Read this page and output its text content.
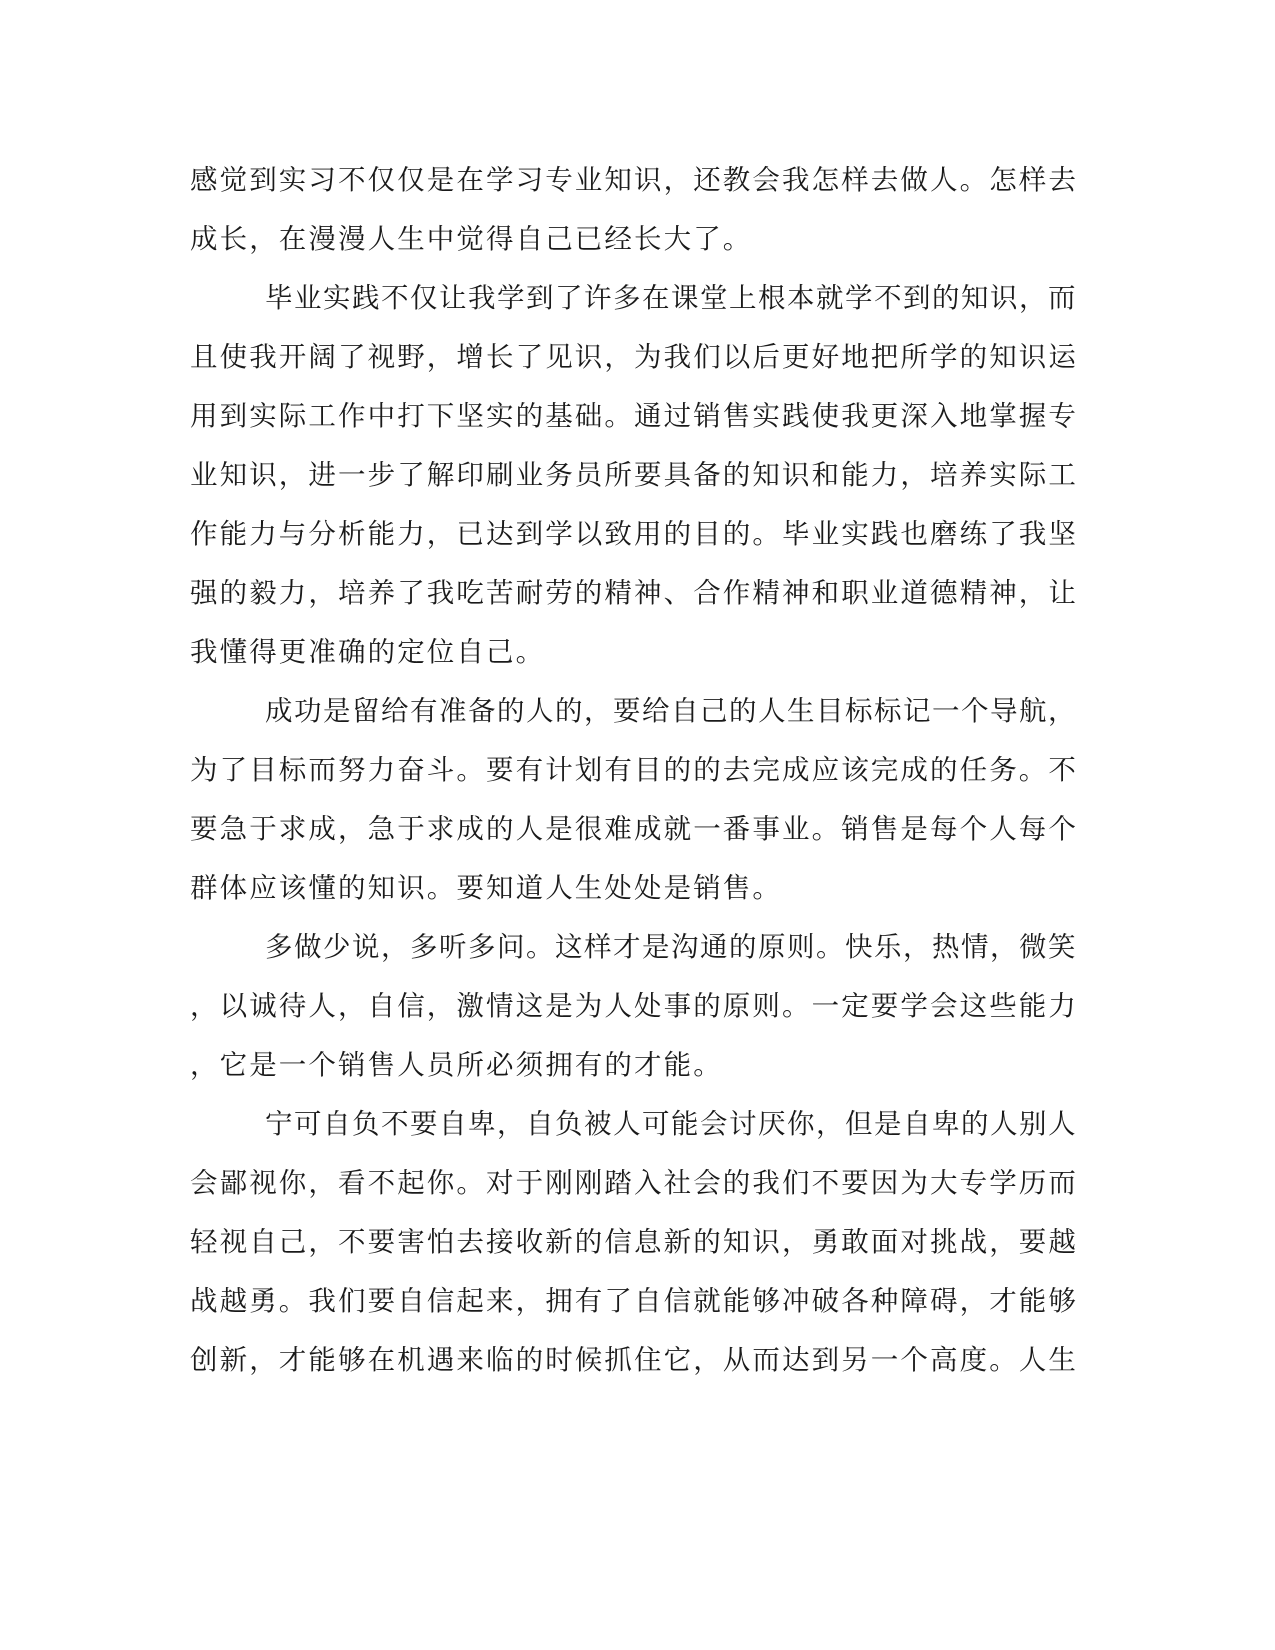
感觉到实习不仅仅是在学习专业知识，还教会我怎样去做人。怎样去
成长，在漫漫人生中觉得自己已经长大了。
毕业实践不仅让我学到了许多在课堂上根本就学不到的知识，而
且使我开阔了视野，增长了见识，为我们以后更好地把所学的知识运
用到实际工作中打下坚实的基础。通过销售实践使我更深入地掌握专
业知识，进一步了解印刷业务员所要具备的知识和能力，培养实际工
作能力与分析能力，已达到学以致用的目的。毕业实践也磨练了我坚
强的毅力，培养了我吃苦耐劳的精神、合作精神和职业道德精神，让
我懂得更准确的定位自己。
成功是留给有准备的人的，要给自己的人生目标标记一个导航，
为了目标而努力奋斗。要有计划有目的的去完成应该完成的任务。不
要急于求成，急于求成的人是很难成就一番事业。销售是每个人每个
群体应该懂的知识。要知道人生处处是销售。
多做少说，多听多问。这样才是沟通的原则。快乐，热情，微笑
，以诚待人，自信，激情这是为人处事的原则。一定要学会这些能力
，它是一个销售人员所必须拥有的才能。
宁可自负不要自卑，自负被人可能会讨厌你，但是自卑的人别人
会鄙视你，看不起你。对于刚刚踏入社会的我们不要因为大专学历而
轻视自己，不要害怕去接收新的信息新的知识，勇敢面对挑战，要越
战越勇。我们要自信起来，拥有了自信就能够冲破各种障碍，才能够
创新，才能够在机遇来临的时候抓住它，从而达到另一个高度。人生
